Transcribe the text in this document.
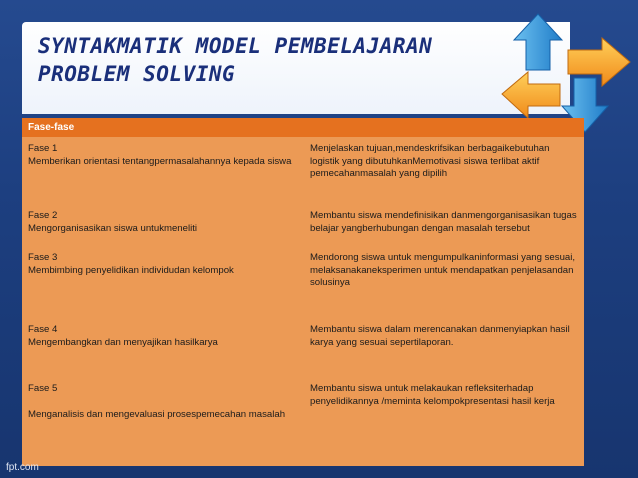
SYNTAKMATIK MODEL PEMBELAJARAN
PROBLEM SOLVING
Fase-fase
Fase 1
Memberikan orientasi tentangpermasalahannya kepada siswa
Menjelaskan tujuan,mendeskrifsikan berbagaikebutuhan logistik yang dibutuhkanMemotivasi siswa terlibat aktif pemecahanmasalah yang dipilih
Fase 2
Mengorganisasikan siswa untukmeneliti
Membantu siswa mendefinisikan danmengorganisasikan tugas belajar yangberhubungan dengan masalah tersebut
Fase 3
Membimbing penyelidikan individudan kelompok
Mendorong siswa untuk mengumpulkaninformasi yang sesuai, melaksanakaneksperimen untuk mendapatkan penjelasandan solusinya
Fase 4
Mengembangkan dan menyajikan hasilkarya
Membantu siswa dalam merencanakan danmenyiapkan hasil karya yang sesuai sepertilaporan.
Fase 5
Menganalisis dan mengevaluasi prosespemecahan masalah
Membantu siswa untuk melakaukan refleksiterhadap penyelidikannya /meminta kelompokpresentasi hasil kerja
fpt.com
